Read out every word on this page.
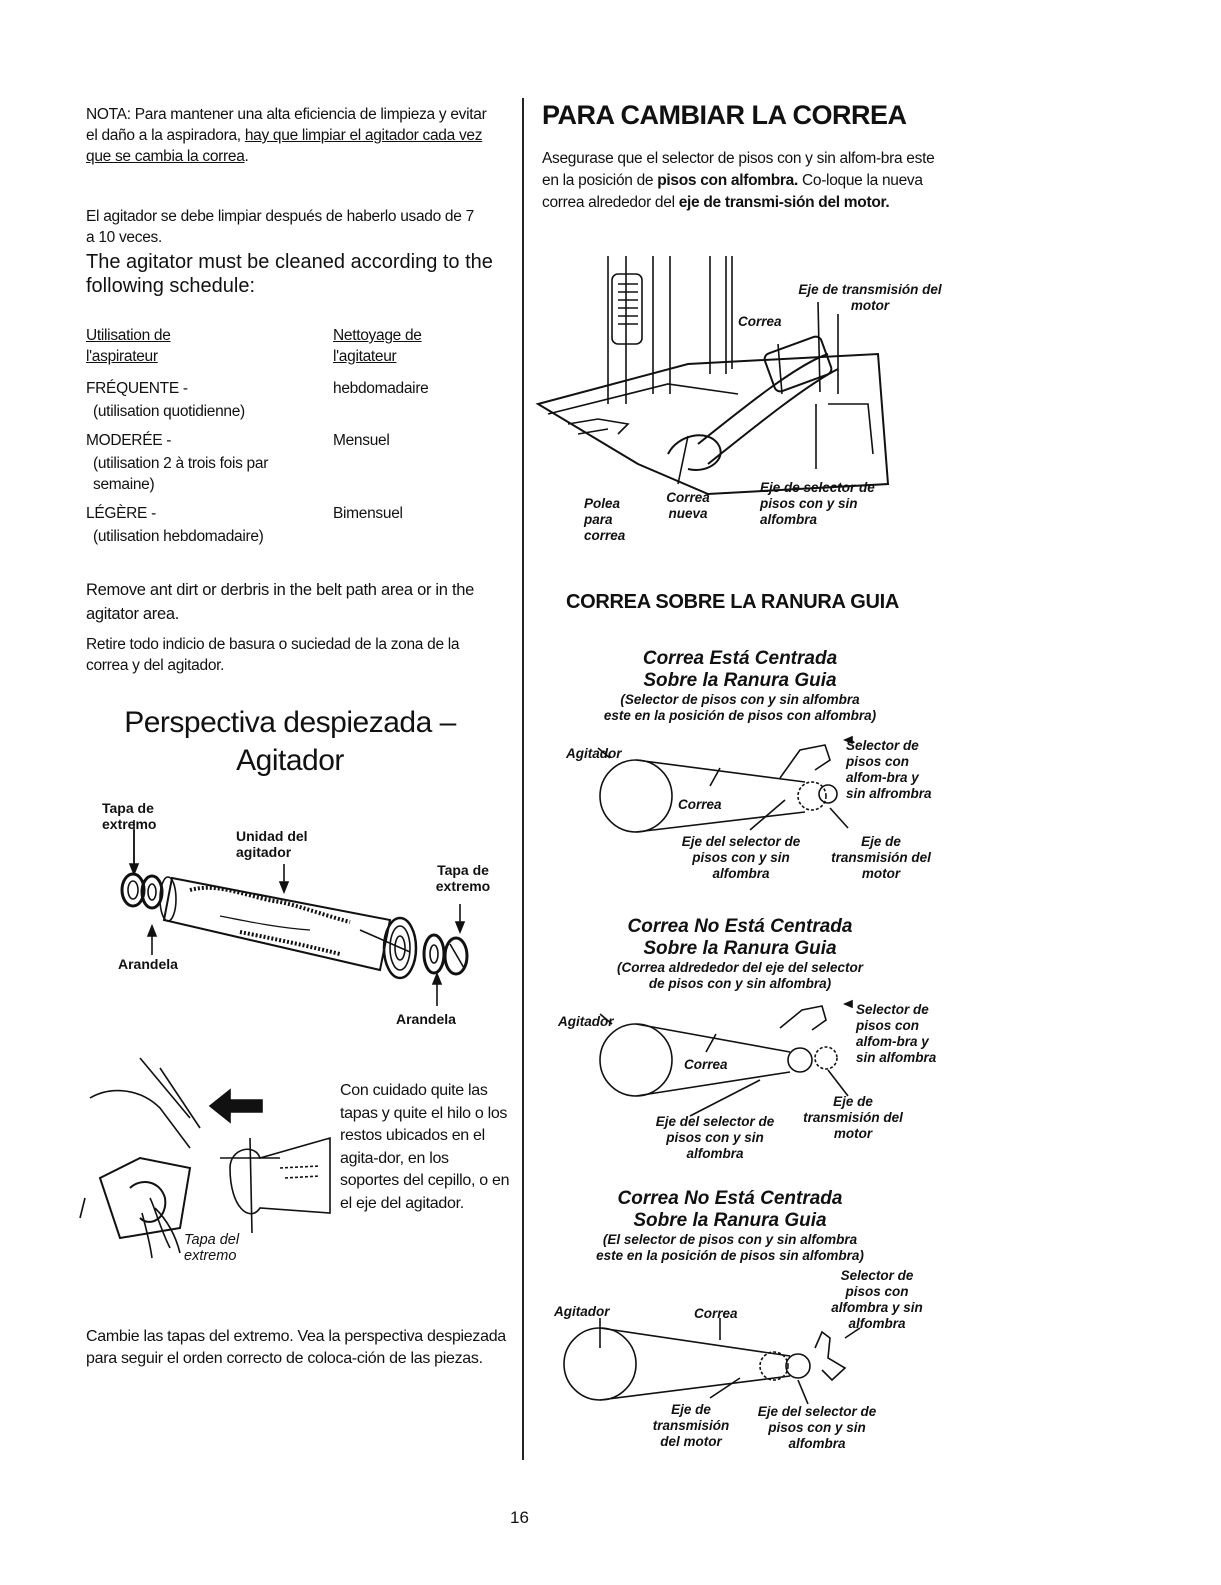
NOTA: Para mantener una alta eficiencia de limpieza y evitar el daño a la aspiradora, hay que limpiar el agitador cada vez que se cambia la correa.
El agitador se debe limpiar después de haberlo usado de 7 a 10 veces.
The agitator must be cleaned according to the following schedule:
Utilisation de l'aspirateur
Nettoyage de l'agitateur
FRÉQUENTE -
(utilisation quotidienne)
hebdomadaire
MODERÉE -
(utilisation 2 à trois fois par semaine)
Mensuel
LÉGÈRE -
(utilisation hebdomadaire)
Bimensuel
Remove ant dirt or derbris in the belt path area or in the agitator area.
Retire todo indicio de basura o suciedad de la zona de la correa y del agitador.
Perspectiva despiezada –
Agitador
Tapa de extremo
Unidad del agitador
Tapa de extremo
Arandela
Arandela
Con cuidado quite las tapas y quite el hilo o los restos ubicados en el agita-dor, en los soportes del cepillo, o en el eje del agitador.
Tapa del extremo
Cambie las tapas del extremo. Vea la perspectiva despiezada para seguir el orden correcto de coloca-ción de las piezas.
PARA CAMBIAR LA CORREA
Asegurase que el selector de pisos con y sin alfom-bra este en la posición de pisos con alfombra. Co-loque la nueva correa alrededor del eje de transmi-sión del motor.
Eje de transmisión del motor
Correa
Polea para correa
Correa nueva
Eje de selector de pisos con y sin alfombra
CORREA SOBRE LA RANURA GUIA
Correa Está Centrada
Sobre la Ranura Guia
(Selector de pisos con y sin alfombra
este en la posición de pisos con alfombra)
Agitador
Correa
Selector de pisos con alfom-bra y sin alfrombra
Eje del selector de pisos con y sin alfombra
Eje de transmisión del motor
Correa No Está Centrada
Sobre la Ranura Guia
(Correa aldrededor del eje del selector
de pisos con y sin alfombra)
Agitador
Correa
Selector de pisos con alfom-bra y sin alfombra
Eje del selector de pisos con y sin alfombra
Eje de transmisión del motor
Correa No Está Centrada
Sobre la Ranura Guia
(El selector de pisos con y sin alfombra
este en la posición de pisos sin alfombra)
Agitador	Correa
Selector de pisos con alfombra y sin alfombra
Eje de transmisión del motor
Eje del selector de pisos con y sin alfombra
16
